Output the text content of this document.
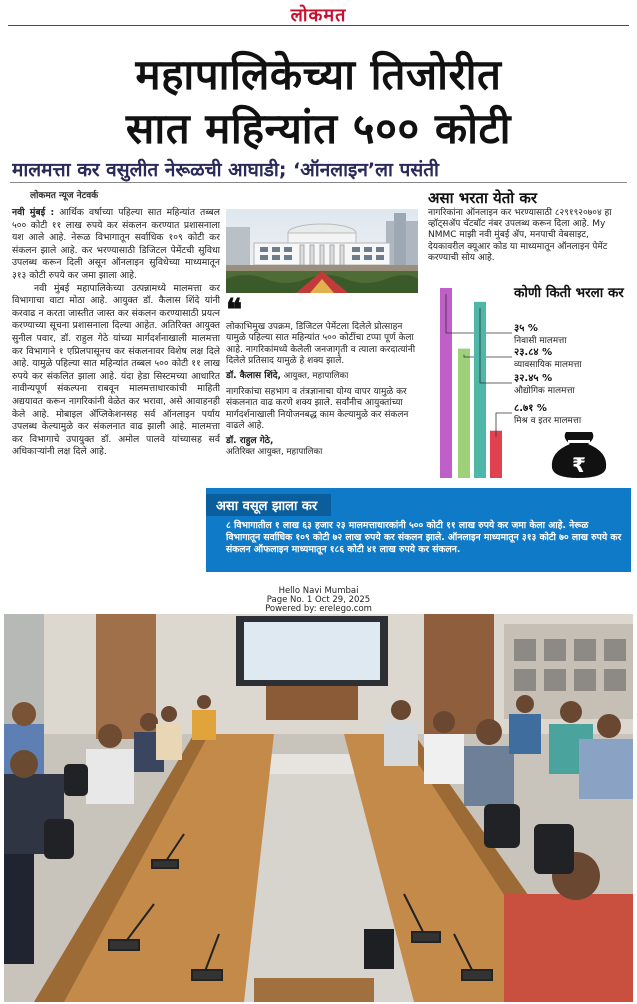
लोकमत
महापालिकेच्या तिजोरीत
सात महिन्यांत ५०० कोटी
मालमत्ता कर वसुलीत नेरूळची आघाडी; ‘ऑनलाइन’ला पसंती
लोकमत न्यूज नेटवर्क

नवी मुंबई : आर्थिक वर्षाच्या पहिल्या सात महिन्यांत तब्बल ५०० कोटी ११ लाख रुपये कर संकलन करण्यात प्रशासनाला यश आले आहे. नेरूळ विभागातून सर्वाधिक १०९ कोटी कर संकलन झाले आहे. कर भरण्यासाठी डिजिटल पेमेंटची सुविधा उपलब्ध करून दिली असून ऑनलाइन सुविधेच्या माध्यमातून ३१३ कोटी रुपये कर जमा झाला आहे.

नवी मुंबई महापालिकेच्या उत्पन्नामध्ये मालमत्ता कर विभागाचा वाटा मोठा आहे. आयुक्त डॉ. कैलास शिंदे यांनी करवाढ न करता जास्तीत जास्त कर संकलन करण्यासाठी प्रयत्न करण्याच्या सूचना प्रशासनाला दिल्या आहेत. अतिरिक्त आयुक्त सुनील पवार, डॉ. राहुल गेठे यांच्या मार्गदर्शनाखाली मालमत्ता कर विभागाने १ एप्रिलपासूनच कर संकलनावर विशेष लक्ष दिले आहे. यामुळे पहिल्या सात महिन्यांत तब्बल ५०० कोटी ११ लाख रुपये कर संकलित झाला आहे. यंदा हेडा सिस्टमच्या आधारित नावीन्यपूर्ण संकल्पना राबवून मालमत्ताधारकांची माहिती अद्ययावत करून नागरिकांनी वेळेत कर भरावा, असे आवाहनही केले आहे. मोबाइल ॲप्लिकेशनसह सर्व ऑनलाइन पर्याय उपलब्ध केल्यामुळे कर संकलनात वाढ झाली आहे. मालमत्ता कर विभागाचे उपायुक्त डॉ. अमोल पालवे यांच्यासह सर्व अधिकाऱ्यांनी लक्ष दिले आहे.

❝

लोकाभिमुख उपक्रम, डिजिटल पेमेंटला दिलेले प्रोत्साहन यामुळे पहिल्या सात महिन्यांत ५०० कोटींचा टप्पा पूर्ण केला आहे. नागरिकांमध्ये केलेली जनजागृती व त्याला करदात्यांनी दिलेले प्रतिसाद यामुळे हे शक्य झाले.

डॉ. कैलास शिंदे, आयुक्त, महापालिका

नागरिकांचा सहभाग व तंत्रज्ञानाचा योग्य वापर यामुळे कर संकलनात वाढ करणे शक्य झाले. सर्वांनीच आयुक्तांच्या मार्गदर्शनाखाली नियोजनबद्ध काम केल्यामुळे कर संकलन वाढले आहे.

डॉ. राहुल गेठे,
अतिरिक्त आयुक्त, महापालिका

असा भरता येतो कर
नागरिकांना ऑनलाइन कर भरण्यासाठी ८२९१९२०७०४ हा व्हॉट्सॲप चॅटबॉट नंबर उपलब्ध करून दिला आहे. My NMMC माझी नवी मुंबई ॲप, मनपाची वेबसाइट, देयकावरील क्यूआर कोड या माध्यमातून ऑनलाइन पेमेंट करण्याची सोय आहे.
कोणी किती भरला कर
₹
३५ %
निवासी मालमत्ता
२३.८४ %
व्यावसायिक मालमत्ता
३२.४५ %
औद्योगिक मालमत्ता
८.७१ %
मिश्र व इतर मालमत्ता
असा वसूल झाला कर
८ विभागातील १ लाख ६३ हजार २३ मालमत्ताधारकांनी ५०० कोटी ११ लाख रुपये कर जमा केला आहे. नेरूळ विभागातून सर्वाधिक १०९ कोटी ७२ लाख रुपये कर संकलन झाले. ऑनलाइन माध्यमातून ३१३ कोटी ७० लाख रुपये कर संकलन ऑफलाइन माध्यमातून १८६ कोटी ४१ लाख रुपये कर संकलन.
Hello Navi Mumbai
Page No. 1 Oct 29, 2025
Powered by: erelego.com
